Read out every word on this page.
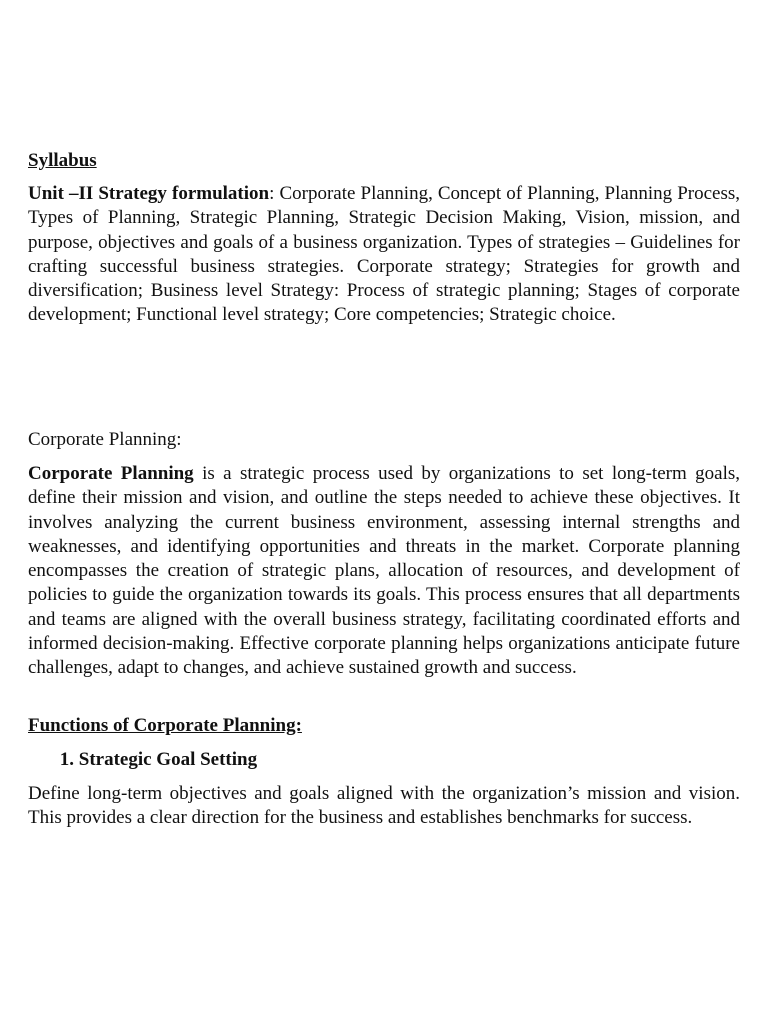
Syllabus

Unit –II Strategy formulation: Corporate Planning, Concept of Planning, Planning Process, Types of Planning, Strategic Planning, Strategic Decision Making, Vision, mission, and purpose, objectives and goals of a business organization. Types of strategies – Guidelines for crafting successful business strategies. Corporate strategy; Strategies for growth and diversification; Business level Strategy: Process of strategic planning; Stages of corporate development; Functional level strategy; Core competencies; Strategic choice.

Corporate Planning:

Corporate Planning is a strategic process used by organizations to set long-term goals, define their mission and vision, and outline the steps needed to achieve these objectives. It involves analyzing the current business environment, assessing internal strengths and weaknesses, and identifying opportunities and threats in the market. Corporate planning encompasses the creation of strategic plans, allocation of resources, and development of policies to guide the organization towards its goals. This process ensures that all departments and teams are aligned with the overall business strategy, facilitating coordinated efforts and informed decision-making. Effective corporate planning helps organizations anticipate future challenges, adapt to changes, and achieve sustained growth and success.

Functions of Corporate Planning:
1. Strategic Goal Setting

Define long-term objectives and goals aligned with the organization’s mission and vision. This provides a clear direction for the business and establishes benchmarks for success.
